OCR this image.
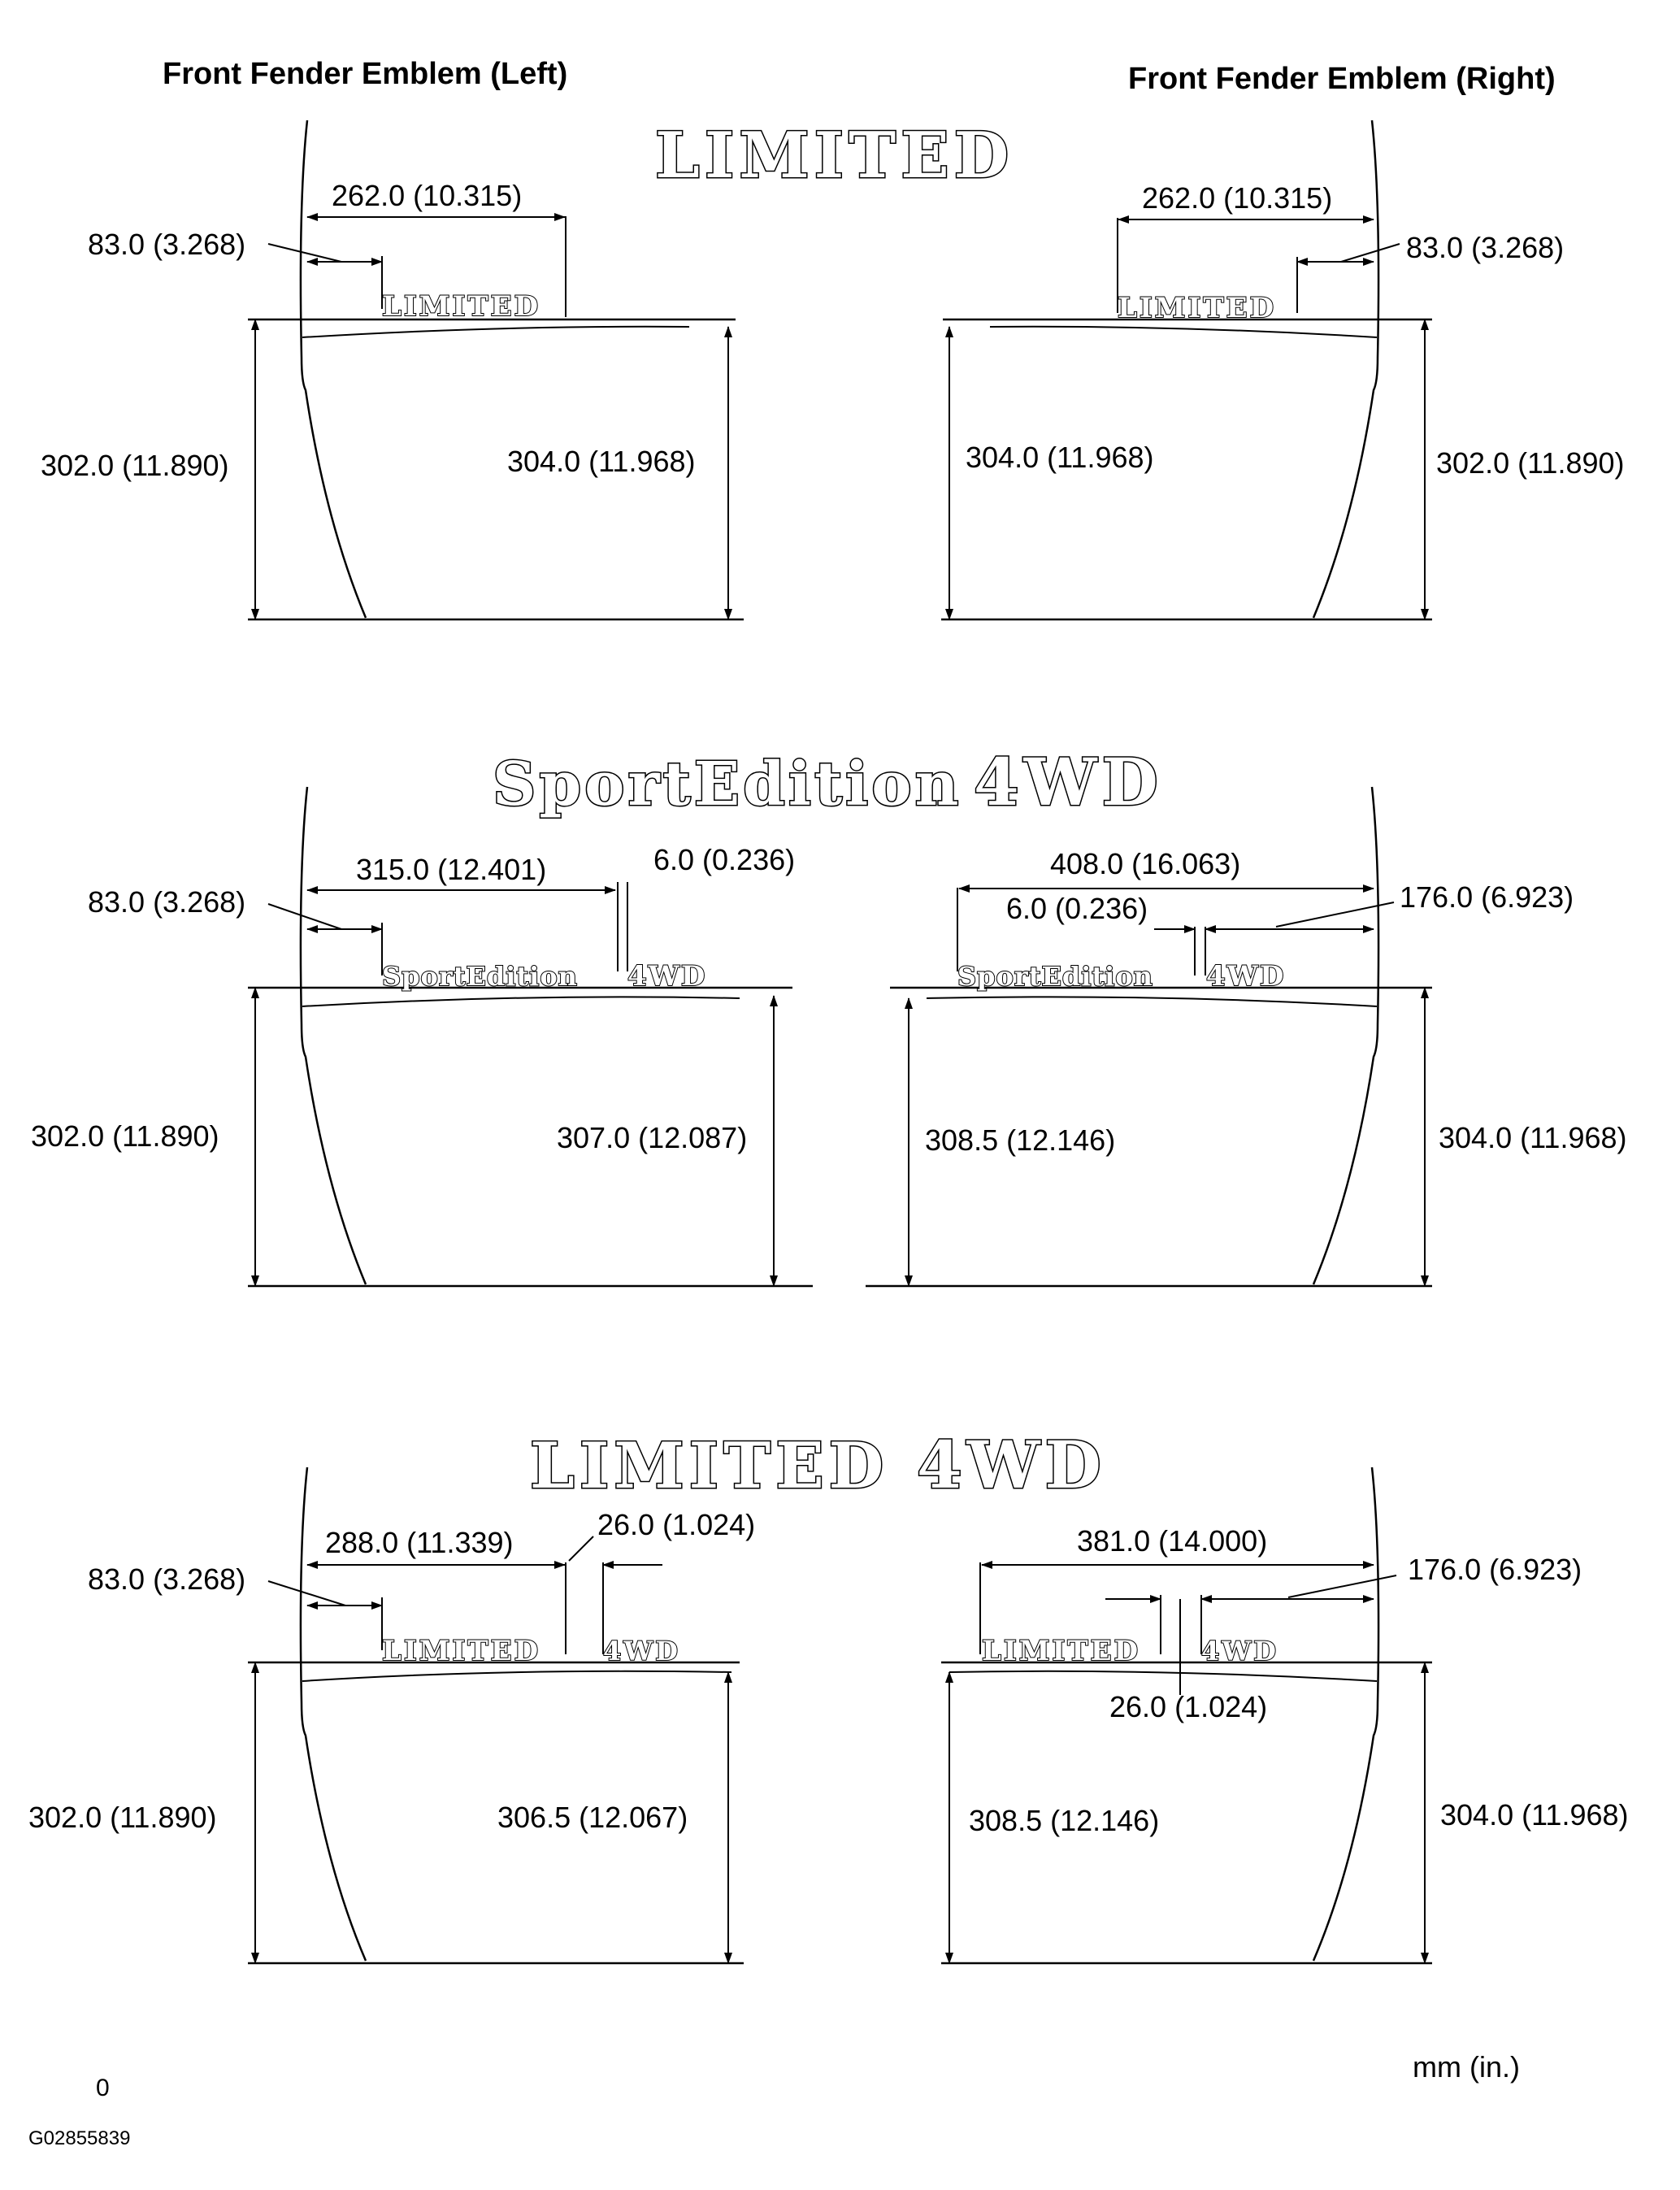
Front Fender Emblem (Left)	Front Fender Emblem (Right)
LIMITED
LIMITED
262.0 (10.315)
83.0 (3.268)
302.0 (11.890)	304.0 (11.968)
LIMITED
262.0 (10.315)
83.0 (3.268)
304.0 (11.968)	302.0 (11.890)
SportEdition 4WD
SportEdition 4WD
315.0 (12.401)	6.0 (0.236)
83.0 (3.268)
302.0 (11.890)	307.0 (12.087)
SportEdition 4WD
408.0 (16.063)
6.0 (0.236)	176.0 (6.923)
308.5 (12.146)	304.0 (11.968)
LIMITED 4WD
LIMITED 4WD
288.0 (11.339)
26.0 (1.024)
83.0 (3.268)
302.0 (11.890)	306.5 (12.067)
LIMITED 4WD
381.0 (14.000)
26.0 (1.024)
176.0 (6.923)
308.5 (12.146)	304.0 (11.968)
mm (in.)
0
G02855839
